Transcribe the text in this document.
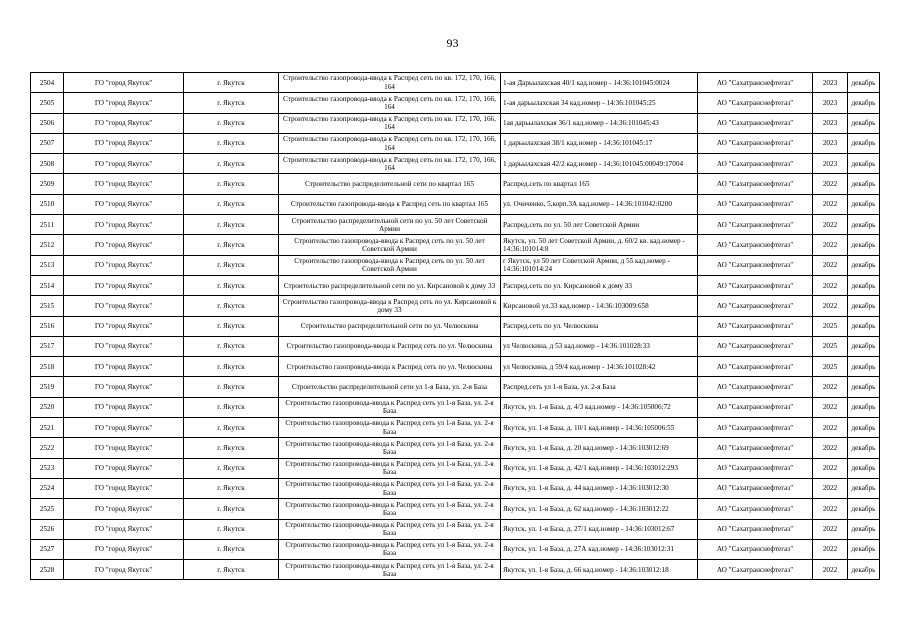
93
2504	ГО "город Якутск"	г. Якутск	Строительство газопровода-ввода к Распред сеть по кв. 172, 170, 166, 164	1-ая Дарьылахская 40/1 кад.номер - 14:36:101045:0024	АО "Сахатранснефтегаз"	2023	декабрь
2505	ГО "город Якутск"	г. Якутск	Строительство газопровода-ввода к Распред сеть по кв. 172, 170, 166, 164	1-ая дарьылахская 34 кад.номер - 14:36:101045:25	АО "Сахатранснефтегаз"	2023	декабрь
2506	ГО "город Якутск"	г. Якутск	Строительство газопровода-ввода к Распред сеть по кв. 172, 170, 166, 164	1ая дарьылахская 36/1 кад.номер - 14:36:101045:43	АО "Сахатранснефтегаз"	2023	декабрь
2507	ГО "город Якутск"	г. Якутск	Строительство газопровода-ввода к Распред сеть по кв. 172, 170, 166, 164	1 дарьылахская 38/1 кад.номер - 14:36:101045:17	АО "Сахатранснефтегаз"	2023	декабрь
2508	ГО "город Якутск"	г. Якутск	Строительство газопровода-ввода к Распред сеть по кв. 172, 170, 166, 164	1 дарьылахская 42/2 кад.номер - 14:36:101045:00049:17004	АО "Сахатранснефтегаз"	2023	декабрь
2509	ГО "город Якутск"	г. Якутск	Строительство распределительной сети по квартал 165	Распред.сеть по квартал 165	АО "Сахатранснефтегаз"	2022	декабрь
2510	ГО "город Якутск"	г. Якутск	Строительство газопровода-ввода к Распред сеть по квартал 165	ул. Очиченко, 5,корп.3А кад.номер - 14:36:101042:0200	АО "Сахатранснефтегаз"	2022	декабрь
2511	ГО "город Якутск"	г. Якутск	Строительство распределительной сети по ул. 50 лет Советской Армии	Распред.сеть по ул. 50 лет Советской Армии	АО "Сахатранснефтегаз"	2022	декабрь
2512	ГО "город Якутск"	г. Якутск	Строительство газопровода-ввода к Распред сеть по ул. 50 лет Советской Армии	Якутск, ул. 50 лет Советской Армии, д. 60/2 кв. кад.номер - 14:36:101014:8	АО "Сахатранснефтегаз"	2022	декабрь
2513	ГО "город Якутск"	г. Якутск	Строительство газопровода-ввода к Распред сеть по ул. 50 лет Советской Армии	г Якутск, ул 50 лет Советской Армии, д 55 кад.номер - 14:36:101014:24	АО "Сахатранснефтегаз"	2022	декабрь
2514	ГО "город Якутск"	г. Якутск	Строительство распределительной сети по ул. Кирсановой к дому 33	Распред.сеть по ул. Кирсановой к дому 33	АО "Сахатранснефтегаз"	2022	декабрь
2515	ГО "город Якутск"	г. Якутск	Строительство газопровода-ввода к Распред сеть по ул. Кирсановой к дому 33	Кирсановой ул.33 кад.номер - 14:36:103009:658	АО "Сахатранснефтегаз"	2022	декабрь
2516	ГО "город Якутск"	г. Якутск	Строительство распределительной сети по ул. Челюскина	Распред.сеть по ул. Челюскина	АО "Сахатранснефтегаз"	2025	декабрь
2517	ГО "город Якутск"	г. Якутск	Строительство газопровода-ввода к Распред сеть по ул. Челюскина	ул Челюскина, д 53 кад.номер - 14:36:101028:33	АО "Сахатранснефтегаз"	2025	декабрь
2518	ГО "город Якутск"	г. Якутск	Строительство газопровода-ввода к Распред сеть по ул. Челюскина	ул Челюскина, д 59/4 кад.номер - 14:36:101028:42	АО "Сахатранснефтегаз"	2025	декабрь
2519	ГО "город Якутск"	г. Якутск	Строительство распределительной сети ул 1-я База, ул. 2-я База	Распред.сеть ул 1-я База, ул. 2-я База	АО "Сахатранснефтегаз"	2022	декабрь
2520	ГО "город Якутск"	г. Якутск	Строительство газопровода-ввода к Распред сеть ул 1-я База, ул. 2-я База	Якутск, ул. 1-я База, д. 4/3 кад.номер - 14:36:105006:72	АО "Сахатранснефтегаз"	2022	декабрь
2521	ГО "город Якутск"	г. Якутск	Строительство газопровода-ввода к Распред сеть ул 1-я База, ул. 2-я База	Якутск, ул. 1-я База, д. 10/1 кад.номер - 14:36:105006:55	АО "Сахатранснефтегаз"	2022	декабрь
2522	ГО "город Якутск"	г. Якутск	Строительство газопровода-ввода к Распред сеть ул 1-я База, ул. 2-я База	Якутск, ул. 1-я База, д. 20 кад.номер - 14:36:103012:69	АО "Сахатранснефтегаз"	2022	декабрь
2523	ГО "город Якутск"	г. Якутск	Строительство газопровода-ввода к Распред сеть ул 1-я База, ул. 2-я База	Якутск, ул. 1-я База, д. 42/1 кад.номер - 14:36:103012:293	АО "Сахатранснефтегаз"	2022	декабрь
2524	ГО "город Якутск"	г. Якутск	Строительство газопровода-ввода к Распред сеть ул 1-я База, ул. 2-я База	Якутск, ул. 1-я База, д. 44 кад.номер - 14:36:103012:30	АО "Сахатранснефтегаз"	2022	декабрь
2525	ГО "город Якутск"	г. Якутск	Строительство газопровода-ввода к Распред сеть ул 1-я База, ул. 2-я База	Якутск, ул. 1-я База, д. 62 кад.номер - 14:36:103012:22	АО "Сахатранснефтегаз"	2022	декабрь
2526	ГО "город Якутск"	г. Якутск	Строительство газопровода-ввода к Распред сеть ул 1-я База, ул. 2-я База	Якутск, ул. 1-я База, д. 27/1 кад.номер - 14:36:103012:67	АО "Сахатранснефтегаз"	2022	декабрь
2527	ГО "город Якутск"	г. Якутск	Строительство газопровода-ввода к Распред сеть ул 1-я База, ул. 2-я База	Якутск, ул. 1-я База, д. 27А кад.номер - 14:36:103012:31	АО "Сахатранснефтегаз"	2022	декабрь
2528	ГО "город Якутск"	г. Якутск	Строительство газопровода-ввода к Распред сеть ул 1-я База, ул. 2-я База	Якутск, ул. 1-я База, д. 66 кад.номер - 14:36:103012:18	АО "Сахатранснефтегаз"	2022	декабрь
